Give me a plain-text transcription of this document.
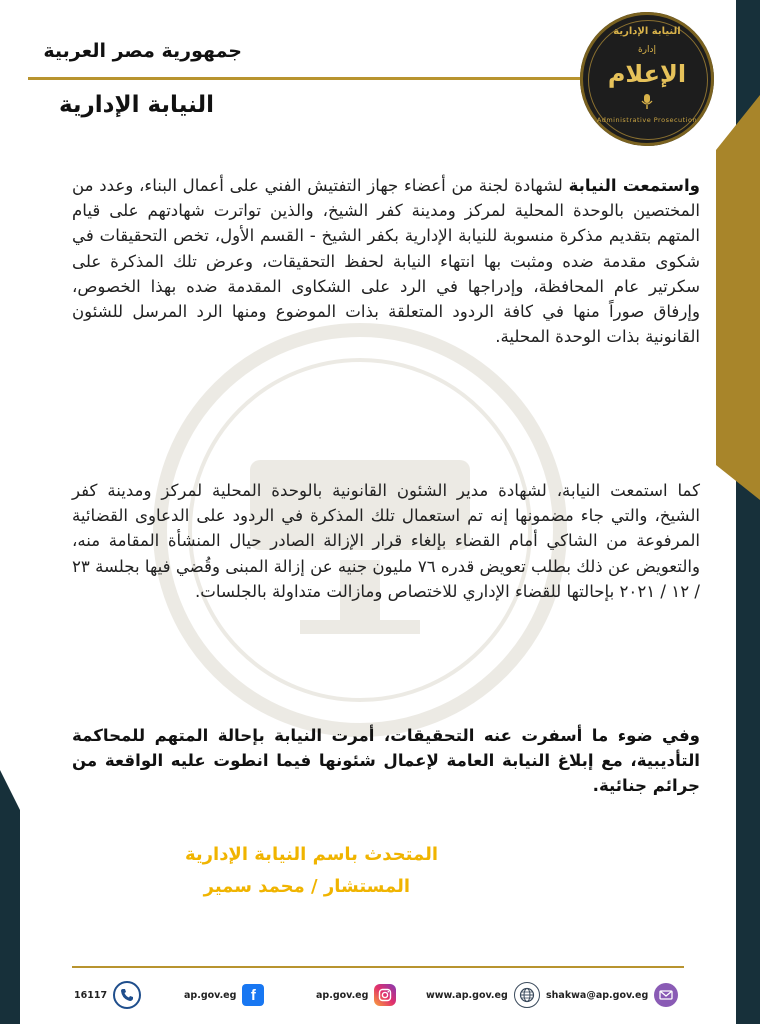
جمهورية مصر العربية
النيابة الإدارية
النيابة الإدارية
إدارة
الإعلام
Administrative Prosecution
واستمعت النيابة لشهادة لجنة من أعضاء جهاز التفتيش الفني على أعمال البناء، وعدد من المختصين بالوحدة المحلية لمركز ومدينة كفر الشيخ، والذين تواترت شهادتهم على قيام المتهم بتقديم مذكرة منسوبة للنيابة الإدارية بكفر الشيخ - القسم الأول، تخص التحقيقات في شكوى مقدمة ضده ومثبت بها انتهاء النيابة لحفظ التحقيقات، وعرض تلك المذكرة على سكرتير عام المحافظة، وإدراجها في الرد على الشكاوى المقدمة ضده بهذا الخصوص، وإرفاق صوراً منها في كافة الردود المتعلقة بذات الموضوع ومنها الرد المرسل للشئون القانونية بذات الوحدة المحلية.
كما استمعت النيابة، لشهادة مدير الشئون القانونية بالوحدة المحلية لمركز ومدينة كفر الشيخ، والتي جاء مضمونها إنه تم استعمال تلك المذكرة في الردود على الدعاوى القضائية المرفوعة من الشاكي أمام القضاء بإلغاء قرار الإزالة الصادر حيال المنشأة المقامة منه، والتعويض عن ذلك بطلب تعويض قدره ٧٦ مليون جنيه عن إزالة المبنى وقُضي فيها بجلسة ٢٣ / ١٢ / ٢٠٢١ بإحالتها للقضاء الإداري للاختصاص ومازالت متداولة بالجلسات.
وفي ضوء ما أسفرت عنه التحقيقات، أمرت النيابة بإحالة المتهم للمحاكمة التأديبية، مع إبلاغ النيابة العامة لإعمال شئونها فيما انطوت عليه الواقعة من جرائم جنائية.
المتحدث باسم النيابة الإدارية
المستشار / محمد سمير
16117	ap.gov.eg f	ap.gov.eg	www.ap.gov.eg	shakwa@ap.gov.eg
